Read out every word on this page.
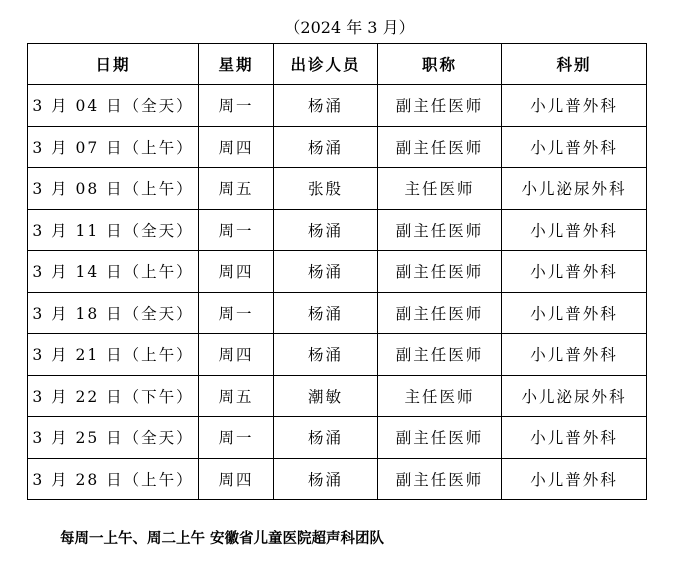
（2024 年 3 月）
日期	星期	出诊人员	职称	科别
3 月 04 日（全天）	周一	杨涌	副主任医师	小儿普外科
3 月 07 日（上午）	周四	杨涌	副主任医师	小儿普外科
3 月 08 日（上午）	周五	张殷	主任医师	小儿泌尿外科
3 月 11 日（全天）	周一	杨涌	副主任医师	小儿普外科
3 月 14 日（上午）	周四	杨涌	副主任医师	小儿普外科
3 月 18 日（全天）	周一	杨涌	副主任医师	小儿普外科
3 月 21 日（上午）	周四	杨涌	副主任医师	小儿普外科
3 月 22 日（下午）	周五	潮敏	主任医师	小儿泌尿外科
3 月 25 日（全天）	周一	杨涌	副主任医师	小儿普外科
3 月 28 日（上午）	周四	杨涌	副主任医师	小儿普外科
每周一上午、周二上午 安徽省儿童医院超声科团队
